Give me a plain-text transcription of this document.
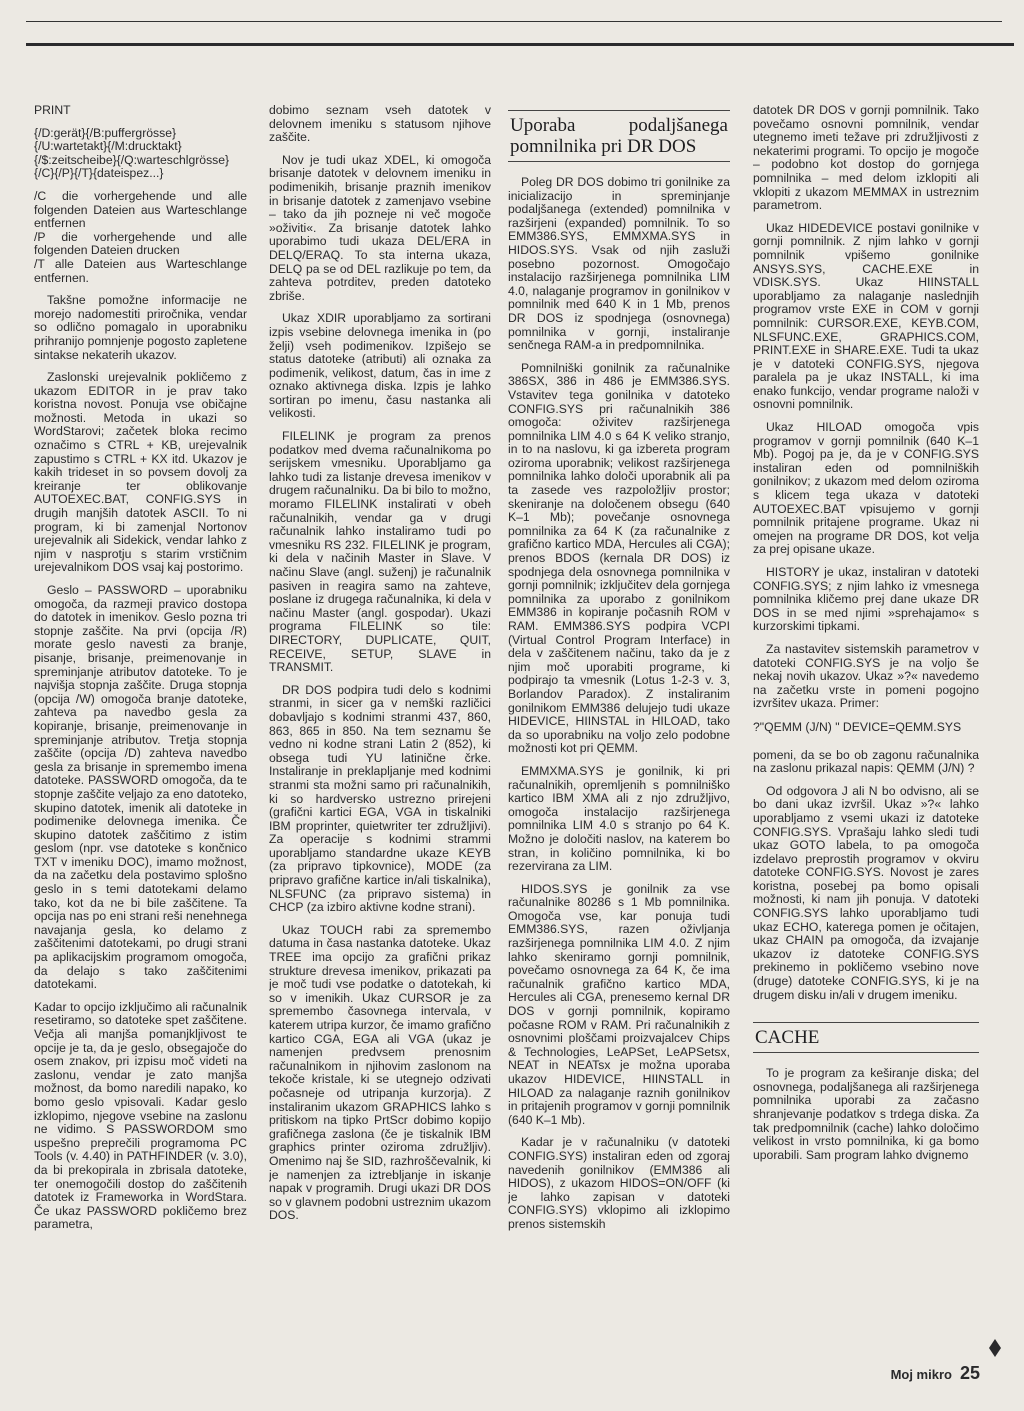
PRINT

{/D:gerät}{/B:puffergrösse}{/U:wartetakt}{/M:drucktakt} {/$:zeitscheibe}{/Q:warteschlgrösse}{/C}{/P}{/T}{dateispez...}

/C die vorhergehende und alle folgenden Dateien aus Warteschlange entfernen

/P die vorhergehende und alle folgenden Dateien drucken

/T alle Dateien aus Warteschlange entfernen.

Takšne pomožne informacije ne morejo nadomestiti priročnika, vendar so odlično pomagalo in uporabniku prihranijo pomnjenje pogosto zapletene sintakse nekaterih ukazov.

Zaslonski urejevalnik pokličemo z ukazom EDITOR in je prav tako koristna novost. Ponuja vse običajne možnosti. Metoda in ukazi so WordStarovi; začetek bloka recimo označimo s CTRL + KB, urejevalnik zapustimo s CTRL + KX itd. Ukazov je kakih trideset in so povsem dovolj za kreiranje ter oblikovanje AUTOEXEC.BAT, CONFIG.SYS in drugih manjših datotek ASCII. To ni program, ki bi zamenjal Nortonov urejevalnik ali Sidekick, vendar lahko z njim v nasprotju s starim vrstičnim urejevalnikom DOS vsaj kaj postorimo.

Geslo – PASSWORD – uporabniku omogoča, da razmeji pravico dostopa do datotek in imenikov. Geslo pozna tri stopnje zaščite. Na prvi (opcija /R) morate geslo navesti za branje, pisanje, brisanje, preimenovanje in spreminjanje atributov datoteke. To je najvišja stopnja zaščite. Druga stopnja (opcija /W) omogoča branje datoteke, zahteva pa navedbo gesla za kopiranje, brisanje, preimenovanje in spreminjanje atributov. Tretja stopnja zaščite (opcija /D) zahteva navedbo gesla za brisanje in spremembo imena datoteke. PASSWORD omogoča, da te stopnje zaščite veljajo za eno datoteko, skupino datotek, imenik ali datoteke in podimenike delovnega imenika. Če skupino datotek zaščitimo z istim geslom (npr. vse datoteke s končnico TXT v imeniku DOC), imamo možnost, da na začetku dela postavimo splošno geslo in s temi datotekami delamo tako, kot da ne bi bile zaščitene. Ta opcija nas po eni strani reši nenehnega navajanja gesla, ko delamo z zaščitenimi datotekami, po drugi strani pa aplikacijskim programom omogoča, da delajo s tako zaščitenimi datotekami.

Kadar to opcijo izključimo ali računalnik resetiramo, so datoteke spet zaščitene. Večja ali manjša pomanjkljivost te opcije je ta, da je geslo, obsegajoče do osem znakov, pri izpisu moč videti na zaslonu, vendar je zato manjša možnost, da bomo naredili napako, ko bomo geslo vpisovali. Kadar geslo izklopimo, njegove vsebine na zaslonu ne vidimo. S PASSWORDOM smo uspešno preprečili programoma PC Tools (v. 4.40) in PATHFINDER (v. 3.0), da bi prekopirala in zbrisala datoteke, ter onemogočili dostop do zaščitenih datotek iz Frameworka in WordStara. Če ukaz PASSWORD pokličemo brez parametra,

dobimo seznam vseh datotek v delovnem imeniku s statusom njihove zaščite.

Nov je tudi ukaz XDEL, ki omogoča brisanje datotek v delovnem imeniku in podimenikih, brisanje praznih imenikov in brisanje datotek z zamenjavo vsebine – tako da jih pozneje ni več mogoče »oživiti«. Za brisanje datotek lahko uporabimo tudi ukaza DEL/ERA in DELQ/ERAQ. To sta interna ukaza, DELQ pa se od DEL razlikuje po tem, da zahteva potrditev, preden datoteko zbriše.

Ukaz XDIR uporabljamo za sortirani izpis vsebine delovnega imenika in (po želji) vseh podimenikov. Izpišejo se status datoteke (atributi) ali oznaka za podimenik, velikost, datum, čas in ime z oznako aktivnega diska. Izpis je lahko sortiran po imenu, času nastanka ali velikosti.

FILELINK je program za prenos podatkov med dvema računalnikoma po serijskem vmesniku. Uporabljamo ga lahko tudi za listanje drevesa imenikov v drugem računalniku. Da bi bilo to možno, moramo FILELINK instalirati v obeh računalnikih, vendar ga v drugi računalnik lahko instaliramo tudi po vmesniku RS 232. FILELINK je program, ki dela v načinih Master in Slave. V načinu Slave (angl. suženj) je računalnik pasiven in reagira samo na zahteve, poslane iz drugega računalnika, ki dela v načinu Master (angl. gospodar). Ukazi programa FILELINK so tile: DIRECTORY, DUPLICATE, QUIT, RECEIVE, SETUP, SLAVE in TRANSMIT.

DR DOS podpira tudi delo s kodnimi stranmi, in sicer ga v nemški različici dobavljajo s kodnimi stranmi 437, 860, 863, 865 in 850. Na tem seznamu še vedno ni kodne strani Latin 2 (852), ki obsega tudi YU latinične črke. Instaliranje in preklapljanje med kodnimi stranmi sta možni samo pri računalnikih, ki so hardversko ustrezno prirejeni (grafični kartici EGA, VGA in tiskalniki IBM proprinter, quietwriter ter združljivi). Za operacije s kodnimi strammi uporabljamo standardne ukaze KEYB (za pripravo tipkovnice), MODE (za pripravo grafične kartice in/ali tiskalnika), NLSFUNC (za pripravo sistema) in CHCP (za izbiro aktivne kodne strani).

Ukaz TOUCH rabi za spremembo datuma in časa nastanka datoteke. Ukaz TREE ima opcijo za grafični prikaz strukture drevesa imenikov, prikazati pa je moč tudi vse podatke o datotekah, ki so v imenikih. Ukaz CURSOR je za spremembo časovnega intervala, v katerem utripa kurzor, če imamo grafično kartico CGA, EGA ali VGA (ukaz je namenjen predvsem prenosnim računalnikom in njihovim zaslonom na tekoče kristale, ki se utegnejo odzivati počasneje od utripanja kurzorja). Z instaliranim ukazom GRAPHICS lahko s pritiskom na tipko PrtScr dobimo kopijo grafičnega zaslona (če je tiskalnik IBM graphics printer oziroma združljiv). Omenimo naj še SID, razhroščevalnik, ki je namenjen za iztrebljanje in iskanje napak v programih. Drugi ukazi DR DOS so v glavnem podobni ustreznim ukazom DOS.

Uporaba podaljšanega pomnilnika pri DR DOS

Poleg DR DOS dobimo tri gonilnike za inicializacijo in spreminjanje podaljšanega (extended) pomnilnika v razširjeni (expanded) pomnilnik. To so EMM386.SYS, EMMXMA.SYS in HIDOS.SYS. Vsak od njih zasluži posebno pozornost. Omogočajo instalacijo razširjenega pomnilnika LIM 4.0, nalaganje programov in gonilnikov v pomnilnik med 640 K in 1 Mb, prenos DR DOS iz spodnjega (osnovnega) pomnilnika v gornji, instaliranje senčnega RAM-a in predpomnilnika.

Pomnilniški gonilnik za računalnike 386SX, 386 in 486 je EMM386.SYS. Vstavitev tega gonilnika v datoteko CONFIG.SYS pri računalnikih 386 omogoča: oživitev razširjenega pomnilnika LIM 4.0 s 64 K veliko stranjo, in to na naslovu, ki ga izbereta program oziroma uporabnik; velikost razširjenega pomnilnika lahko določi uporabnik ali pa ta zasede ves razpoložljiv prostor; skeniranje na določenem obsegu (640 K–1 Mb); povečanje osnovnega pomnilnika za 64 K (za računalnike z grafično kartico MDA, Hercules ali CGA); prenos BDOS (kernala DR DOS) iz spodnjega dela osnovnega pomnilnika v gornji pomnilnik; izključitev dela gornjega pomnilnika za uporabo z gonilnikom EMM386 in kopiranje počasnih ROM v RAM. EMM386.SYS podpira VCPI (Virtual Control Program Interface) in dela v zaščitenem načinu, tako da je z njim moč uporabiti programe, ki podpirajo ta vmesnik (Lotus 1-2-3 v. 3, Borlandov Paradox). Z instaliranim gonilnikom EMM386 delujejo tudi ukaze HIDEVICE, HIINSTAL in HILOAD, tako da so uporabniku na voljo zelo podobne možnosti kot pri QEMM.

EMMXMA.SYS je gonilnik, ki pri računalnikih, opremljenih s pomnilniško kartico IBM XMA ali z njo združljivo, omogoča instalacijo razširjenega pomnilnika LIM 4.0 s stranjo po 64 K. Možno je določiti naslov, na katerem bo stran, in količino pomnilnika, ki bo rezervirana za LIM.

HIDOS.SYS je gonilnik za vse računalnike 80286 s 1 Mb pomnilnika. Omogoča vse, kar ponuja tudi EMM386.SYS, razen oživljanja razširjenega pomnilnika LIM 4.0. Z njim lahko skeniramo gornji pomnilnik, povečamo osnovnega za 64 K, če ima računalnik grafično kartico MDA, Hercules ali CGA, prenesemo kernal DR DOS v gornji pomnilnik, kopiramo počasne ROM v RAM. Pri računalnikih z osnovnimi ploščami proizvajalcev Chips & Technologies, LeAPSet, LeAPSetsx, NEAT in NEATsx je možna uporaba ukazov HIDEVICE, HIINSTALL in HILOAD za nalaganje raznih gonilnikov in pritajenih programov v gornji pomnilnik (640 K–1 Mb).

Kadar je v računalniku (v datoteki CONFIG.SYS) instaliran eden od zgoraj navedenih gonilnikov (EMM386 ali HIDOS), z ukazom HIDOS=ON/OFF (ki je lahko zapisan v datoteki CONFIG.SYS) vklopimo ali izklopimo prenos sistemskih

datotek DR DOS v gornji pomnilnik. Tako povečamo osnovni pomnilnik, vendar utegnemo imeti težave pri združljivosti z nekaterimi programi. To opcijo je mogoče – podobno kot dostop do gornjega pomnilnika – med delom izklopiti ali vklopiti z ukazom MEMMAX in ustreznim parametrom.

Ukaz HIDEDEVICE postavi gonilnike v gornji pomnilnik. Z njim lahko v gornji pomnilnik vpišemo gonilnike ANSYS.SYS, CACHE.EXE in VDISK.SYS. Ukaz HIINSTALL uporabljamo za nalaganje naslednjih programov vrste EXE in COM v gornji pomnilnik: CURSOR.EXE, KEYB.COM, NLSFUNC.EXE, GRAPHICS.COM, PRINT.EXE in SHARE.EXE. Tudi ta ukaz je v datoteki CONFIG.SYS, njegova paralela pa je ukaz INSTALL, ki ima enako funkcijo, vendar programe naloži v osnovni pomnilnik.

Ukaz HILOAD omogoča vpis programov v gornji pomnilnik (640 K–1 Mb). Pogoj pa je, da je v CONFIG.SYS instaliran eden od pomnilniških gonilnikov; z ukazom med delom oziroma s klicem tega ukaza v datoteki AUTOEXEC.BAT vpisujemo v gornji pomnilnik pritajene programe. Ukaz ni omejen na programe DR DOS, kot velja za prej opisane ukaze.

HISTORY je ukaz, instaliran v datoteki CONFIG.SYS; z njim lahko iz vmesnega pomnilnika kličemo prej dane ukaze DR DOS in se med njimi »sprehajamo« s kurzorskimi tipkami.

Za nastavitev sistemskih parametrov v datoteki CONFIG.SYS je na voljo še nekaj novih ukazov. Ukaz »?« navedemo na začetku vrste in pomeni pogojno izvršitev ukaza. Primer:

?"QEMM (J/N) " DEVICE=QEMM.SYS

pomeni, da se bo ob zagonu računalnika na zaslonu prikazal napis: QEMM (J/N) ?

Od odgovora J ali N bo odvisno, ali se bo dani ukaz izvršil. Ukaz »?« lahko uporabljamo z vsemi ukazi iz datoteke CONFIG.SYS. Vprašaju lahko sledi tudi ukaz GOTO labela, to pa omogoča izdelavo preprostih programov v okviru datoteke CONFIG.SYS. Novost je zares koristna, posebej pa bomo opisali možnosti, ki nam jih ponuja. V datoteki CONFIG.SYS lahko uporabljamo tudi ukaz ECHO, katerega pomen je očitajen, ukaz CHAIN pa omogoča, da izvajanje ukazov iz datoteke CONFIG.SYS prekinemo in pokličemo vsebino nove (druge) datoteke CONFIG.SYS, ki je na drugem disku in/ali v drugem imeniku.

CACHE

To je program za keširanje diska; del osnovnega, podaljšanega ali razširjenega pomnilnika uporabi za začasno shranjevanje podatkov s trdega diska. Za tak predpomnilnik (cache) lahko določimo velikost in vrsto pomnilnika, ki ga bomo uporabili. Sam program lahko dvignemo

Moj mikro 25
